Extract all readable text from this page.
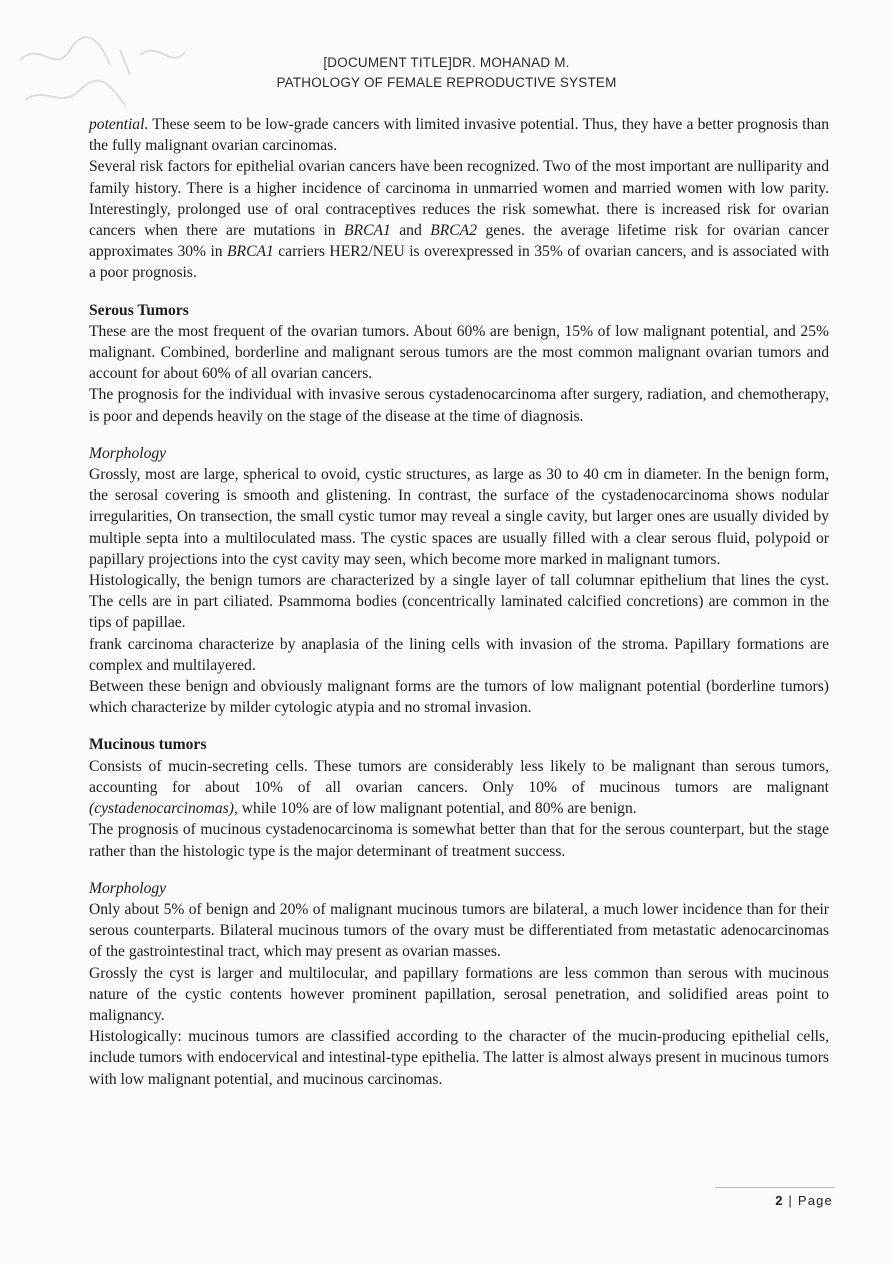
[DOCUMENT TITLE]DR. MOHANAD M.
PATHOLOGY OF FEMALE REPRODUCTIVE SYSTEM

potential. These seem to be low-grade cancers with limited invasive potential. Thus, they have a better prognosis than the fully malignant ovarian carcinomas.

Several risk factors for epithelial ovarian cancers have been recognized. Two of the most important are nulliparity and family history. There is a higher incidence of carcinoma in unmarried women and married women with low parity. Interestingly, prolonged use of oral contraceptives reduces the risk somewhat. there is increased risk for ovarian cancers when there are mutations in BRCA1 and BRCA2 genes. the average lifetime risk for ovarian cancer approximates 30% in BRCA1 carriers HER2/NEU is overexpressed in 35% of ovarian cancers, and is associated with a poor prognosis.

Serous Tumors

These are the most frequent of the ovarian tumors. About 60% are benign, 15% of low malignant potential, and 25% malignant. Combined, borderline and malignant serous tumors are the most common malignant ovarian tumors and account for about 60% of all ovarian cancers.

The prognosis for the individual with invasive serous cystadenocarcinoma after surgery, radiation, and chemotherapy, is poor and depends heavily on the stage of the disease at the time of diagnosis.

Morphology

Grossly, most are large, spherical to ovoid, cystic structures, as large as 30 to 40 cm in diameter. In the benign form, the serosal covering is smooth and glistening. In contrast, the surface of the cystadenocarcinoma shows nodular irregularities, On transection, the small cystic tumor may reveal a single cavity, but larger ones are usually divided by multiple septa into a multiloculated mass. The cystic spaces are usually filled with a clear serous fluid, polypoid or papillary projections into the cyst cavity may seen, which become more marked in malignant tumors.

Histologically, the benign tumors are characterized by a single layer of tall columnar epithelium that lines the cyst. The cells are in part ciliated. Psammoma bodies (concentrically laminated calcified concretions) are common in the tips of papillae.

frank carcinoma characterize by anaplasia of the lining cells with invasion of the stroma. Papillary formations are complex and multilayered.

Between these benign and obviously malignant forms are the tumors of low malignant potential (borderline tumors) which characterize by milder cytologic atypia and no stromal invasion.

Mucinous tumors

Consists of mucin-secreting cells. These tumors are considerably less likely to be malignant than serous tumors, accounting for about 10% of all ovarian cancers. Only 10% of mucinous tumors are malignant (cystadenocarcinomas), while 10% are of low malignant potential, and 80% are benign.

The prognosis of mucinous cystadenocarcinoma is somewhat better than that for the serous counterpart, but the stage rather than the histologic type is the major determinant of treatment success.

Morphology

Only about 5% of benign and 20% of malignant mucinous tumors are bilateral, a much lower incidence than for their serous counterparts. Bilateral mucinous tumors of the ovary must be differentiated from metastatic adenocarcinomas of the gastrointestinal tract, which may present as ovarian masses.

Grossly the cyst is larger and multilocular, and papillary formations are less common than serous with mucinous nature of the cystic contents however prominent papillation, serosal penetration, and solidified areas point to malignancy.

Histologically: mucinous tumors are classified according to the character of the mucin-producing epithelial cells, include tumors with endocervical and intestinal-type epithelia. The latter is almost always present in mucinous tumors with low malignant potential, and mucinous carcinomas.

2 | Page
